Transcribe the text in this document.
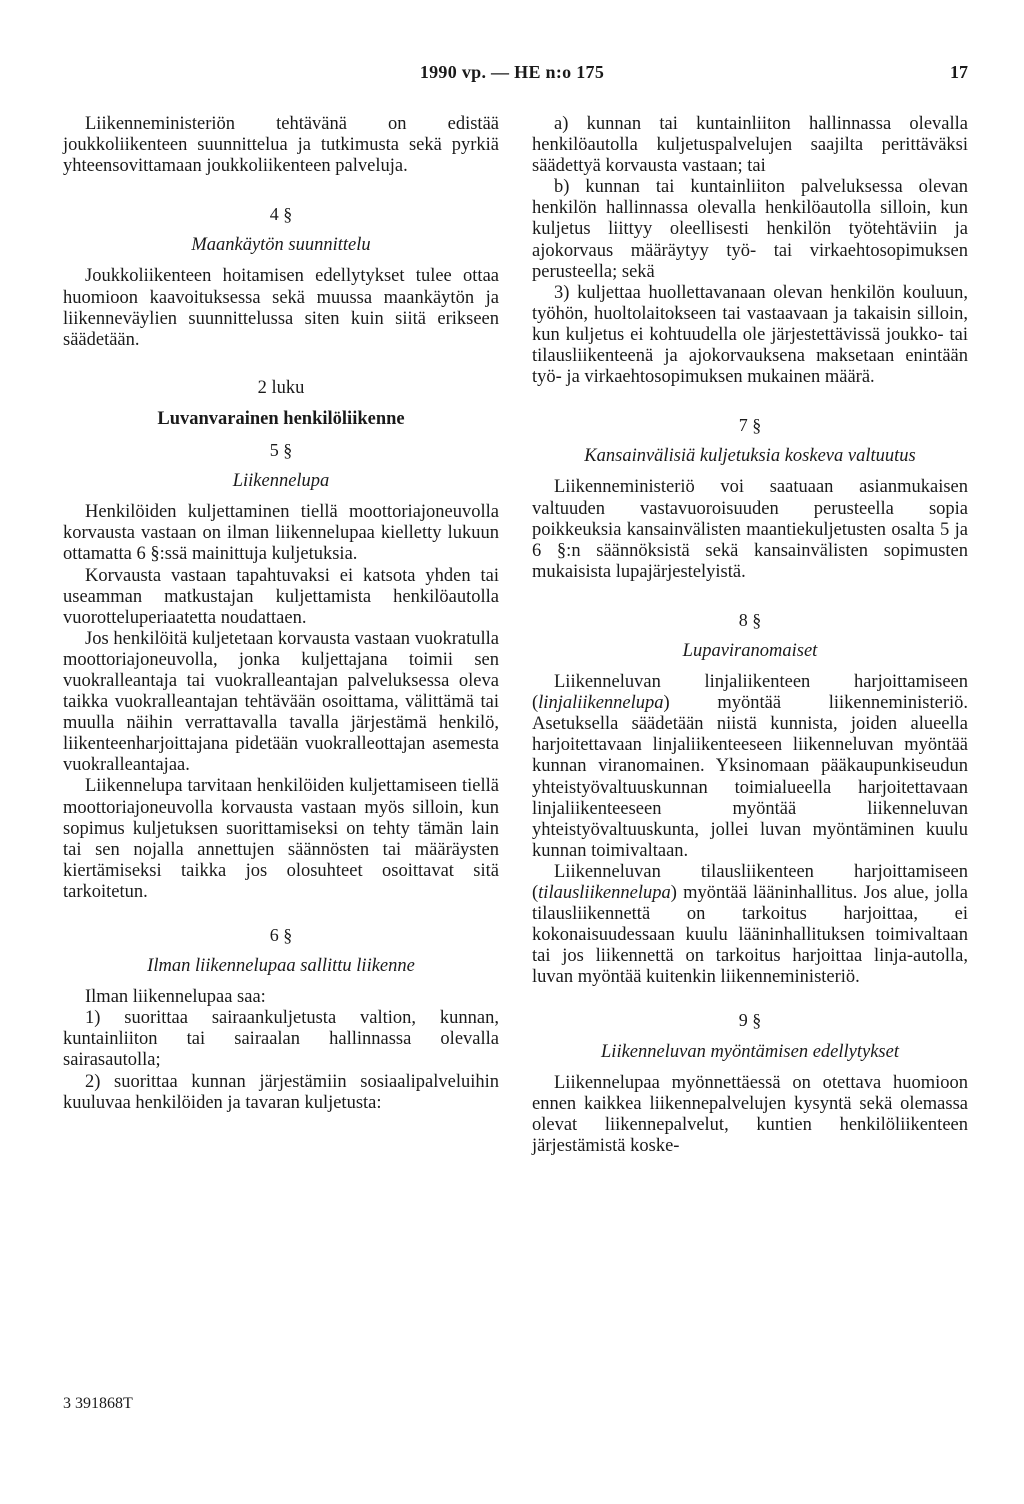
1990 vp. — HE n:o 175	17

Liikenneministeriön tehtävänä on edistää joukkoliikenteen suunnittelua ja tutkimusta sekä pyrkiä yhteensovittamaan joukkoliikenteen palveluja.

4 §
Maankäytön suunnittelu

Joukkoliikenteen hoitamisen edellytykset tulee ottaa huomioon kaavoituksessa sekä muussa maankäytön ja liikenneväylien suunnittelussa siten kuin siitä erikseen säädetään.

2 luku
Luvanvarainen henkilöliikenne
5 §
Liikennelupa

Henkilöiden kuljettaminen tiellä moottoriajoneuvolla korvausta vastaan on ilman liikennelupaa kielletty lukuun ottamatta 6 §:ssä mainittuja kuljetuksia.

Korvausta vastaan tapahtuvaksi ei katsota yhden tai useamman matkustajan kuljettamista henkilöautolla vuorotteluperiaatetta noudattaen.

Jos henkilöitä kuljetetaan korvausta vastaan vuokratulla moottoriajoneuvolla, jonka kuljettajana toimii sen vuokralleantaja tai vuokralleantajan palveluksessa oleva taikka vuokralleantajan tehtävään osoittama, välittämä tai muulla näihin verrattavalla tavalla järjestämä henkilö, liikenteenharjoittajana pidetään vuokralleottajan asemesta vuokralleantajaa.

Liikennelupa tarvitaan henkilöiden kuljettamiseen tiellä moottoriajoneuvolla korvausta vastaan myös silloin, kun sopimus kuljetuksen suorittamiseksi on tehty tämän lain tai sen nojalla annettujen säännösten tai määräysten kiertämiseksi taikka jos olosuhteet osoittavat sitä tarkoitetun.

6 §
Ilman liikennelupaa sallittu liikenne

Ilman liikennelupaa saa:

1) suorittaa sairaankuljetusta valtion, kunnan, kuntainliiton tai sairaalan hallinnassa olevalla sairasautolla;

2) suorittaa kunnan järjestämiin sosiaalipalveluihin kuuluvaa henkilöiden ja tavaran kuljetusta:

a) kunnan tai kuntainliiton hallinnassa olevalla henkilöautolla kuljetuspalvelujen saajilta perittäväksi säädettyä korvausta vastaan; tai

b) kunnan tai kuntainliiton palveluksessa olevan henkilön hallinnassa olevalla henkilöautolla silloin, kun kuljetus liittyy oleellisesti henkilön työtehtäviin ja ajokorvaus määräytyy työ- tai virkaehtosopimuksen perusteella; sekä

3) kuljettaa huollettavanaan olevan henkilön kouluun, työhön, huoltolaitokseen tai vastaavaan ja takaisin silloin, kun kuljetus ei kohtuudella ole järjestettävissä joukko- tai tilausliikenteenä ja ajokorvauksena maksetaan enintään työ- ja virkaehtosopimuksen mukainen määrä.

7 §
Kansainvälisiä kuljetuksia koskeva valtuutus

Liikenneministeriö voi saatuaan asianmukaisen valtuuden vastavuoroisuuden perusteella sopia poikkeuksia kansainvälisten maantiekuljetusten osalta 5 ja 6 §:n säännöksistä sekä kansainvälisten sopimusten mukaisista lupajärjestelyistä.

8 §
Lupaviranomaiset

Liikenneluvan linjaliikenteen harjoittamiseen (linjaliikennelupa) myöntää liikenneministeriö. Asetuksella säädetään niistä kunnista, joiden alueella harjoitettavaan linjaliikenteeseen liikenneluvan myöntää kunnan viranomainen. Yksinomaan pääkaupunkiseudun yhteistyövaltuuskunnan toimialueella harjoitettavaan linjaliikenteeseen myöntää liikenneluvan yhteistyövaltuuskunta, jollei luvan myöntäminen kuulu kunnan toimivaltaan.

Liikenneluvan tilausliikenteen harjoittamiseen (tilausliikennelupa) myöntää lääninhallitus. Jos alue, jolla tilausliikennettä on tarkoitus harjoittaa, ei kokonaisuudessaan kuulu lääninhallituksen toimivaltaan tai jos liikennettä on tarkoitus harjoittaa linja-autolla, luvan myöntää kuitenkin liikenneministeriö.

9 §
Liikenneluvan myöntämisen edellytykset

Liikennelupaa myönnettäessä on otettava huomioon ennen kaikkea liikennepalvelujen kysyntä sekä olemassa olevat liikennepalvelut, kuntien henkilöliikenteen järjestämistä koske-

3 391868T
